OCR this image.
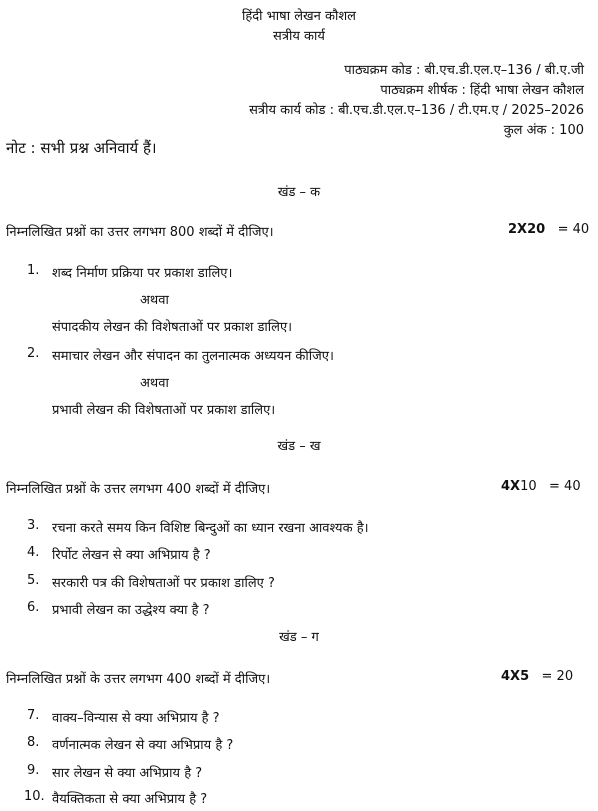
हिंदी भाषा लेखन कौशल
सत्रीय कार्य
पाठ्यक्रम कोड : बी.एच.डी.एल.ए–136 / बी.ए.जी
पाठ्यक्रम शीर्षक : हिंदी भाषा लेखन कौशल
सत्रीय कार्य कोड : बी.एच.डी.एल.ए–136 / टी.एम.ए / 2025–2026
कुल अंक : 100
नोट : सभी प्रश्न अनिवार्य हैं।
खंड – क
निम्नलिखित प्रश्नों का उत्तर लगभग 800 शब्दों में दीजिए।	2X20 = 40
1. शब्द निर्माण प्रक्रिया पर प्रकाश डालिए।
अथवा
संपादकीय लेखन की विशेषताओं पर प्रकाश डालिए।
2. समाचार लेखन और संपादन का तुलनात्मक अध्ययन कीजिए।
अथवा
प्रभावी लेखन की विशेषताओं पर प्रकाश डालिए।
खंड – ख
निम्नलिखित प्रश्नों के उत्तर लगभग 400 शब्दों में दीजिए।	4X10 = 40
3. रचना करते समय किन विशिष्ट बिन्दुओं का ध्यान रखना आवश्यक है।
4. रिर्पोट लेखन से क्या अभिप्राय है ?
5. सरकारी पत्र की विशेषताओं पर प्रकाश डालिए ?
6. प्रभावी लेखन का उद्धेश्य क्या है ?
खंड – ग
निम्नलिखित प्रश्नों के उत्तर लगभग 400 शब्दों में दीजिए।	4X5 = 20
7. वाक्य–विन्यास से क्या अभिप्राय है ?
8. वर्णनात्मक लेखन से क्या अभिप्राय है ?
9. सार लेखन से क्या अभिप्राय है ?
10. वैयक्तिकता से क्या अभिप्राय है ?
